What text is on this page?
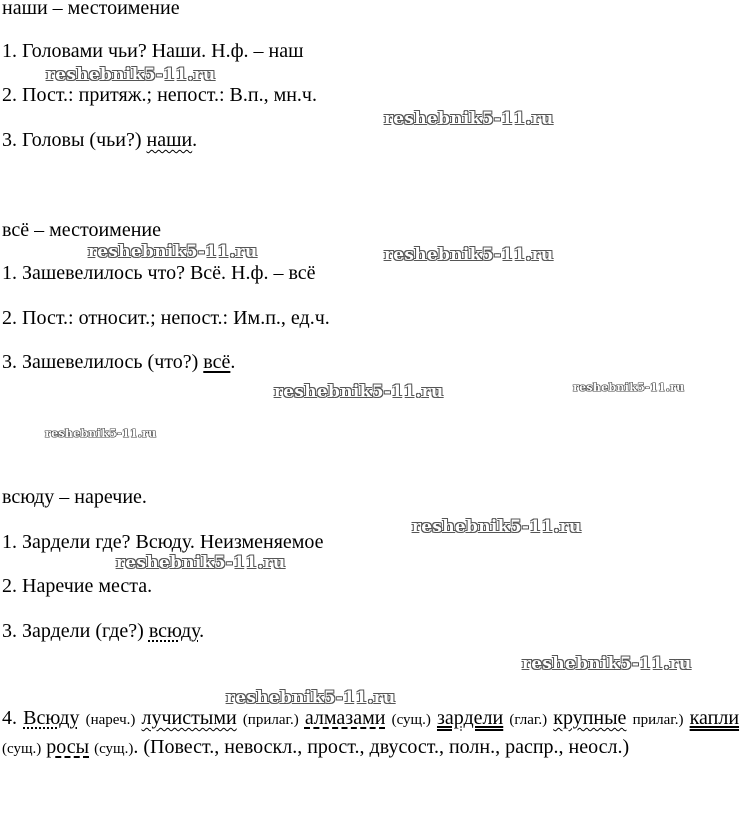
наши – местоимение
1. Головами чьи? Наши. Н.ф. – наш
2. Пост.: притяж.; непост.: В.п., мн.ч.
3. Головы (чьи?) наши.
всё – местоимение
1. Зашевелилось что? Всё. Н.ф. – всё
2. Пост.: относит.; непост.: Им.п., ед.ч.
3. Зашевелилось (что?) всё.
всюду – наречие.
1. Зардели где? Всюду. Неизменяемое
2. Наречие места.
3. Зардели (где?) всюду.
4. Всюду (нареч.) лучистыми (прилаг.) алмазами (сущ.) зардели (глаг.) крупные прилаг.) капли (сущ.) росы (сущ.). (Повест., невоскл., прост., двусост., полн., распр., неосл.)
reshebnik5-11.ru
reshebnik5-11.ru
reshebnik5-11.ru	reshebnik5-11.ru
reshebnik5-11.ru	reshebnik5-11.ru
reshebnik5-11.ru
reshebnik5-11.ru
reshebnik5-11.ru
reshebnik5-11.ru
reshebnik5-11.ru
